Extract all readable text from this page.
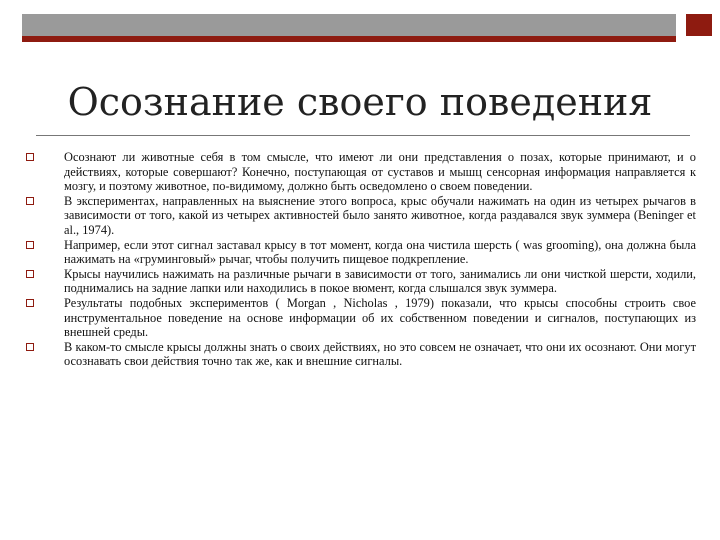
Осознание своего поведения
Осознают ли животные себя в том смысле, что имеют ли они представления о позах, которые принимают, и о действиях, которые совершают? Конечно, поступающая от суставов и мышц сенсорная информация направляется к мозгу, и поэтому животное, по-видимому, должно быть осведомлено о своем поведении.
В экспериментах, направленных на выяснение этого вопроса, крыс обучали нажимать на один из четырех рычагов в зависимости от того, какой из четырех активностей было занято животное, когда раздавался звук зуммера (Beninger et al., 1974).
Например, если этот сигнал заставал крысу в тот момент, когда она чистила шерсть ( was grooming), она должна была нажимать на «груминговый» рычаг, чтобы получить пищевое подкрепление.
Крысы научились нажимать на различные рычаги в зависимости от того, занимались ли они чисткой шерсти, ходили, поднимались на задние лапки или находились в покое вюмент, когда слышался звук зуммера.
Результаты подобных экспериментов ( Morgan , Nicholas , 1979) показали, что крысы способны строить свое инструментальное поведение на основе информации об их собственном поведении и сигналов, поступающих из внешней среды.
В каком-то смысле крысы должны знать о своих действиях, но это совсем не означает, что они их осознают. Они могут осознавать свои действия точно так же, как и внешние сигналы.
